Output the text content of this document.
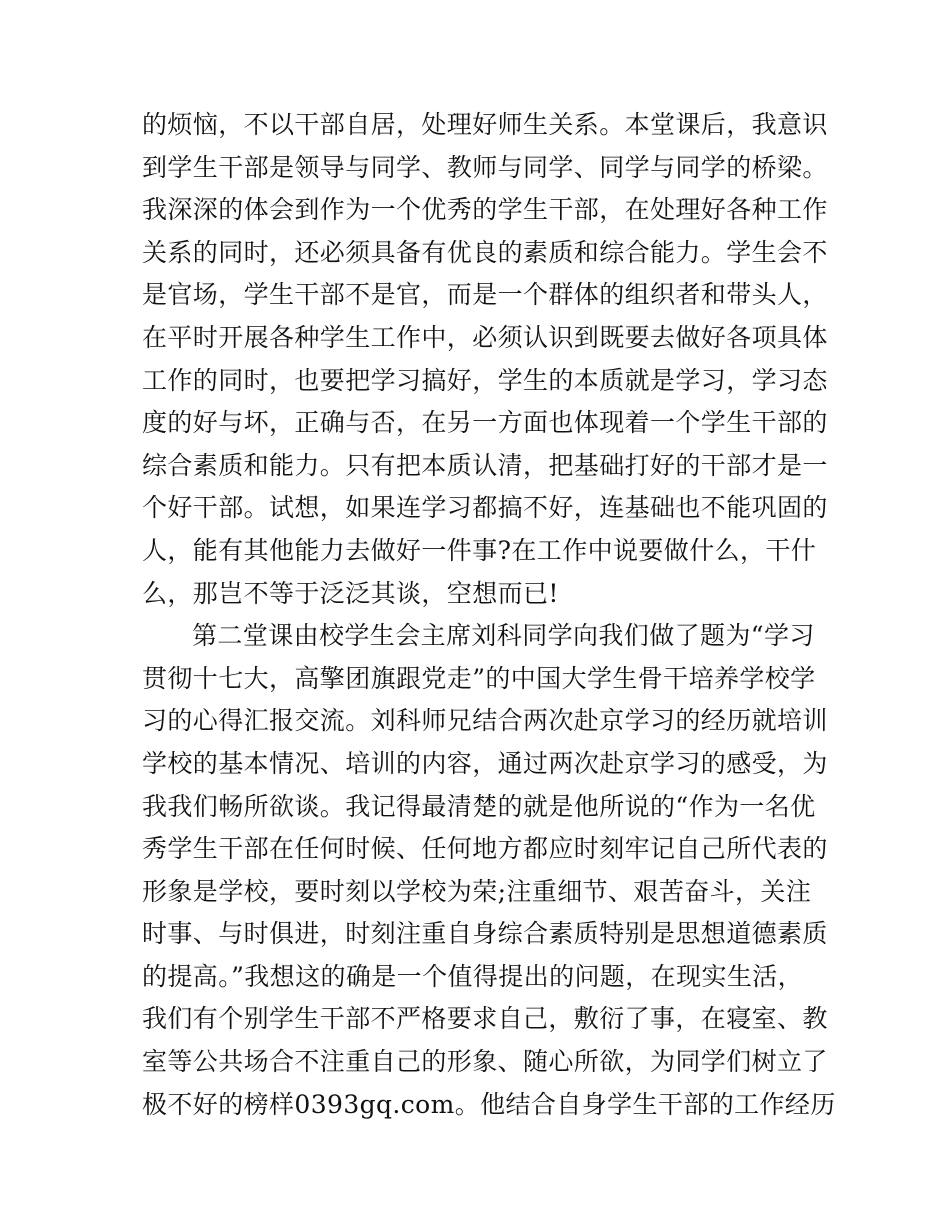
的烦恼，不以干部自居，处理好师生关系。本堂课后，我意识
到学生干部是领导与同学、教师与同学、同学与同学的桥梁。
我深深的体会到作为一个优秀的学生干部，在处理好各种工作
关系的同时，还必须具备有优良的素质和综合能力。学生会不
是官场，学生干部不是官，而是一个群体的组织者和带头人，
在平时开展各种学生工作中，必须认识到既要去做好各项具体
工作的同时，也要把学习搞好，学生的本质就是学习，学习态
度的好与坏，正确与否，在另一方面也体现着一个学生干部的
综合素质和能力。只有把本质认清，把基础打好的干部才是一
个好干部。试想，如果连学习都搞不好，连基础也不能巩固的
人，能有其他能力去做好一件事?在工作中说要做什么，干什
么，那岂不等于泛泛其谈，空想而已!
第二堂课由校学生会主席刘科同学向我们做了题为“学习
贯彻十七大，高擎团旗跟党走”的中国大学生骨干培养学校学
习的心得汇报交流。刘科师兄结合两次赴京学习的经历就培训
学校的基本情况、培训的内容，通过两次赴京学习的感受，为
我我们畅所欲谈。我记得最清楚的就是他所说的“作为一名优
秀学生干部在任何时候、任何地方都应时刻牢记自己所代表的
形象是学校，要时刻以学校为荣;注重细节、艰苦奋斗，关注
时事、与时俱进，时刻注重自身综合素质特别是思想道德素质
的提高。”我想这的确是一个值得提出的问题，在现实生活，
我们有个别学生干部不严格要求自己，敷衍了事，在寝室、教
室等公共场合不注重自己的形象、随心所欲，为同学们树立了
极不好的榜样0393gq.com。他结合自身学生干部的工作经历
